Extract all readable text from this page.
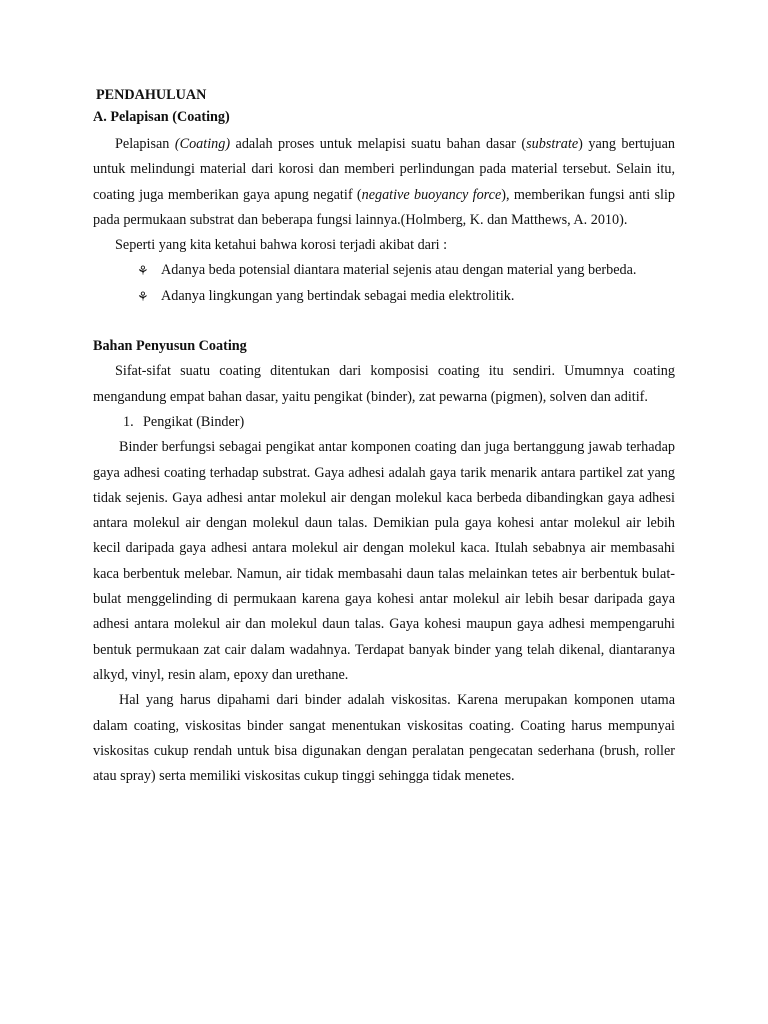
PENDAHULUAN
A. Pelapisan (Coating)

Pelapisan (Coating) adalah proses untuk melapisi suatu bahan dasar (substrate) yang bertujuan untuk melindungi material dari korosi dan memberi perlindungan pada material tersebut. Selain itu, coating juga memberikan gaya apung negatif (negative buoyancy force), memberikan fungsi anti slip pada permukaan substrat dan beberapa fungsi lainnya.(Holmberg, K. dan Matthews, A. 2010).

Seperti yang kita ketahui bahwa korosi terjadi akibat dari :

⚘ Adanya beda potensial diantara material sejenis atau dengan material yang berbeda.
⚘ Adanya lingkungan yang bertindak sebagai media elektrolitik.

Bahan Penyusun Coating

Sifat-sifat suatu coating ditentukan dari komposisi coating itu sendiri. Umumnya coating mengandung empat bahan dasar, yaitu pengikat (binder), zat pewarna (pigmen), solven dan aditif.

1. Pengikat (Binder)

Binder berfungsi sebagai pengikat antar komponen coating dan juga bertanggung jawab terhadap gaya adhesi coating terhadap substrat. Gaya adhesi adalah gaya tarik menarik antara partikel zat yang tidak sejenis. Gaya adhesi antar molekul air dengan molekul kaca berbeda dibandingkan gaya adhesi antara molekul air dengan molekul daun talas. Demikian pula gaya kohesi antar molekul air lebih kecil daripada gaya adhesi antara molekul air dengan molekul kaca. Itulah sebabnya air membasahi kaca berbentuk melebar. Namun, air tidak membasahi daun talas melainkan tetes air berbentuk bulat-bulat menggelinding di permukaan karena gaya kohesi antar molekul air lebih besar daripada gaya adhesi antara molekul air dan molekul daun talas. Gaya kohesi maupun gaya adhesi mempengaruhi bentuk permukaan zat cair dalam wadahnya. Terdapat banyak binder yang telah dikenal, diantaranya alkyd, vinyl, resin alam, epoxy dan urethane.

Hal yang harus dipahami dari binder adalah viskositas. Karena merupakan komponen utama dalam coating, viskositas binder sangat menentukan viskositas coating. Coating harus mempunyai viskositas cukup rendah untuk bisa digunakan dengan peralatan pengecatan sederhana (brush, roller atau spray) serta memiliki viskositas cukup tinggi sehingga tidak menetes.
